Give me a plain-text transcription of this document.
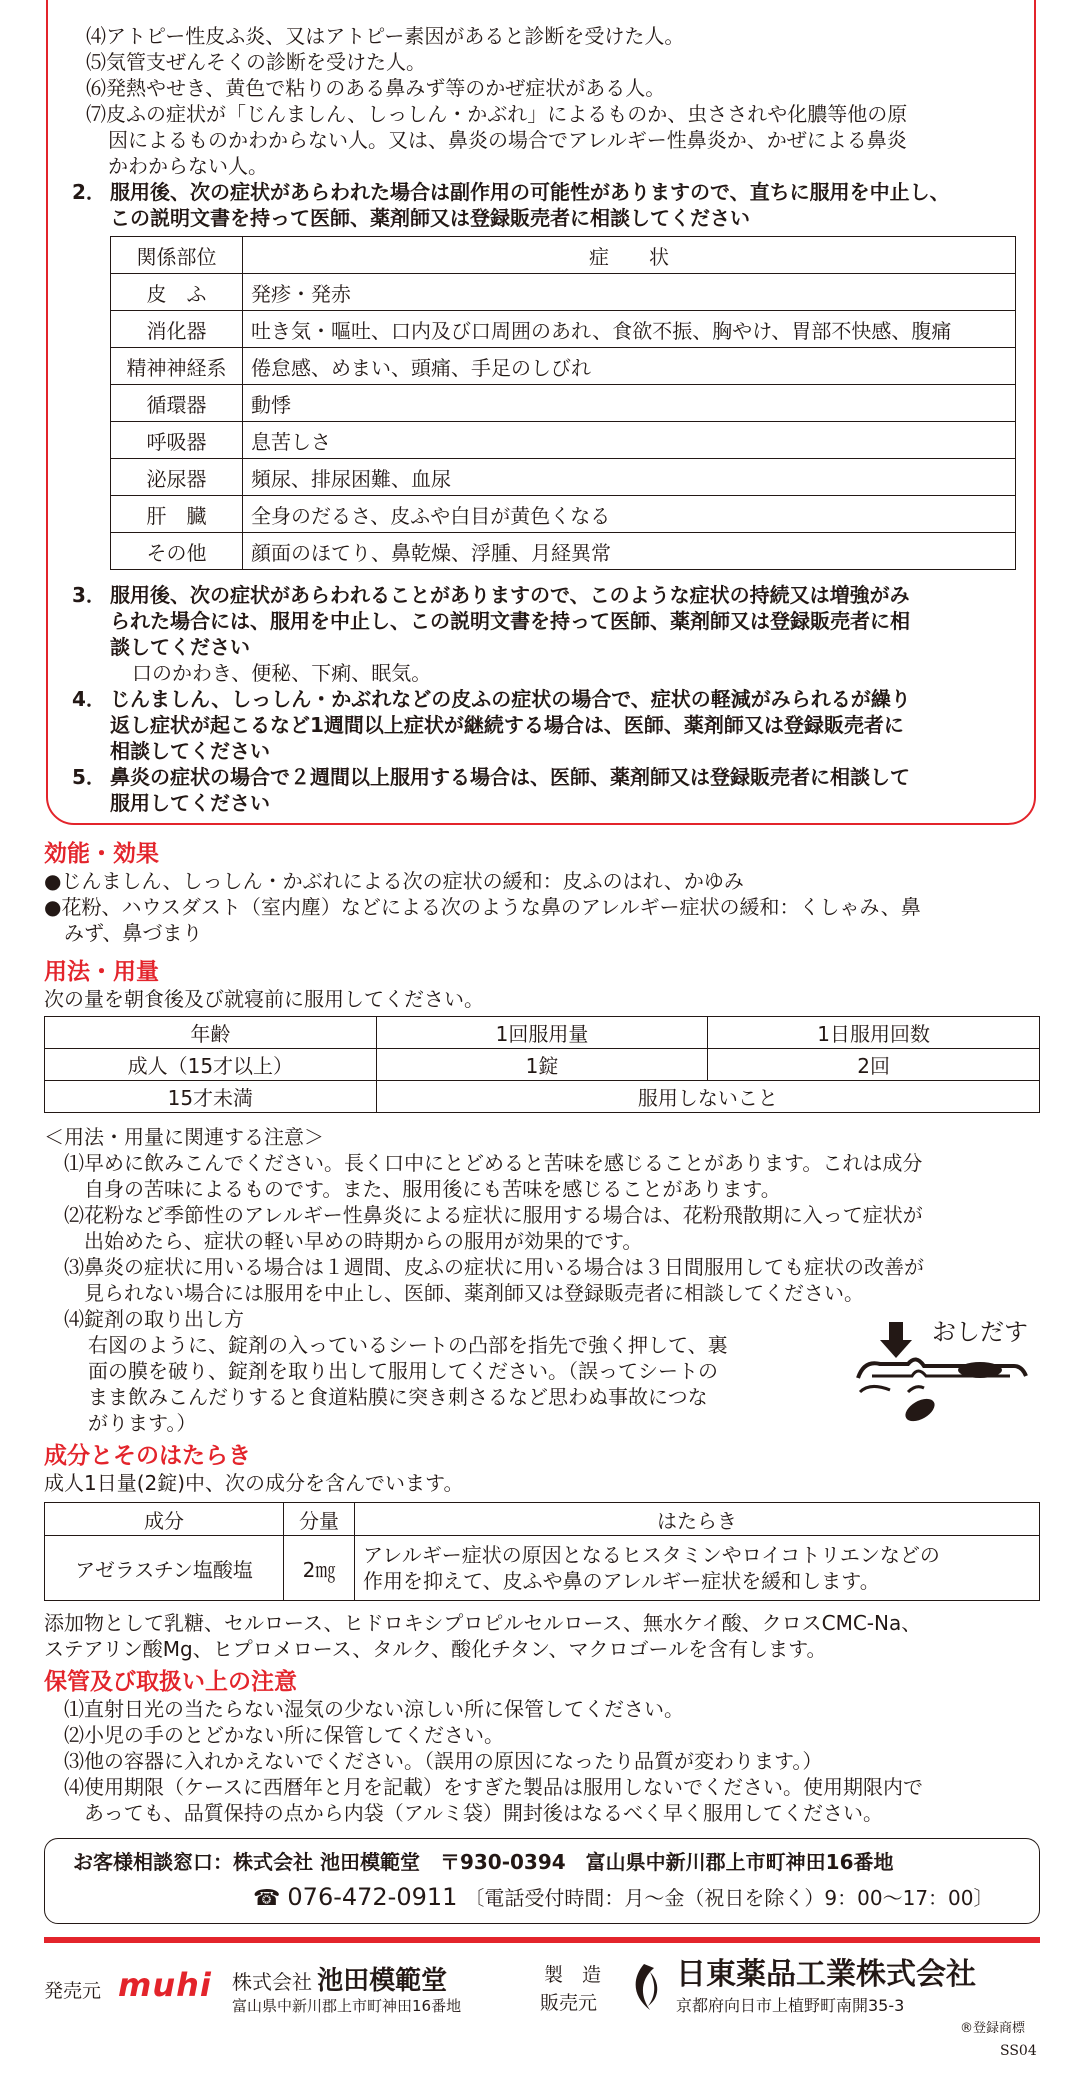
⑷アトピー性皮ふ炎、又はアトピー素因があると診断を受けた人。
⑸気管支ぜんそくの診断を受けた人。
⑹発熱やせき、黄色で粘りのある鼻みず等のかぜ症状がある人。
⑺皮ふの症状が「じんましん、しっしん・かぶれ」によるものか、虫さされや化膿等他の原
因によるものかわからない人。又は、鼻炎の場合でアレルギー性鼻炎か、かぜによる鼻炎
かわからない人。
2． 服用後、次の症状があらわれた場合は副作用の可能性がありますので、直ちに服用を中止し、
この説明文書を持って医師、薬剤師又は登録販売者に相談してください
関係部位	症　　状
皮　ふ	発疹・発赤
消化器	吐き気・嘔吐、口内及び口周囲のあれ、食欲不振、胸やけ、胃部不快感、腹痛
精神神経系	倦怠感、めまい、頭痛、手足のしびれ
循環器	動悸
呼吸器	息苦しさ
泌尿器	頻尿、排尿困難、血尿
肝　臓	全身のだるさ、皮ふや白目が黄色くなる
その他	顔面のほてり、鼻乾燥、浮腫、月経異常
3． 服用後、次の症状があらわれることがありますので、このような症状の持続又は増強がみ
られた場合には、服用を中止し、この説明文書を持って医師、薬剤師又は登録販売者に相
談してください
口のかわき、便秘、下痢、眠気。
4． じんましん、しっしん・かぶれなどの皮ふの症状の場合で、症状の軽減がみられるが繰り
返し症状が起こるなど1週間以上症状が継続する場合は、医師、薬剤師又は登録販売者に
相談してください
5． 鼻炎の症状の場合で２週間以上服用する場合は、医師、薬剤師又は登録販売者に相談して
服用してください
効能・効果
●じんましん、しっしん・かぶれによる次の症状の緩和：皮ふのはれ、かゆみ
●花粉、ハウスダスト（室内塵）などによる次のような鼻のアレルギー症状の緩和：くしゃみ、鼻
　みず、鼻づまり
用法・用量
次の量を朝食後及び就寝前に服用してください。
年齢	1回服用量	1日服用回数
成人（15才以上）	1錠	2回
15才未満	服用しないこと	
＜用法・用量に関連する注意＞
⑴早めに飲みこんでください。長く口中にとどめると苦味を感じることがあります。これは成分
　自身の苦味によるものです。また、服用後にも苦味を感じることがあります。
⑵花粉など季節性のアレルギー性鼻炎による症状に服用する場合は、花粉飛散期に入って症状が
　出始めたら、症状の軽い早めの時期からの服用が効果的です。
⑶鼻炎の症状に用いる場合は１週間、皮ふの症状に用いる場合は３日間服用しても症状の改善が
　見られない場合には服用を中止し、医師、薬剤師又は登録販売者に相談してください。
⑷錠剤の取り出し方
右図のように、錠剤の入っているシートの凸部を指先で強く押して、裏
面の膜を破り、錠剤を取り出して服用してください。（誤ってシートの
まま飲みこんだりすると食道粘膜に突き刺さるなど思わぬ事故につな
がります。）
おしだす
成分とそのはたらき
成人1日量(2錠)中、次の成分を含んでいます。
成分	分量	はたらき
アゼラスチン塩酸塩	2㎎	アレルギー症状の原因となるヒスタミンやロイコトリエンなどの
作用を抑えて、皮ふや鼻のアレルギー症状を緩和します。
添加物として乳糖、セルロース、ヒドロキシプロピルセルロース、無水ケイ酸、クロスCMC-Na、
ステアリン酸Mg、ヒプロメロース、タルク、酸化チタン、マクロゴールを含有します。
保管及び取扱い上の注意
⑴直射日光の当たらない湿気の少ない涼しい所に保管してください。
⑵小児の手のとどかない所に保管してください。
⑶他の容器に入れかえないでください。（誤用の原因になったり品質が変わります。）
⑷使用期限（ケースに西暦年と月を記載）をすぎた製品は服用しないでください。使用期限内で
　あっても、品質保持の点から内袋（アルミ袋）開封後はなるべく早く服用してください。
お客様相談窓口：株式会社 池田模範堂　〒930-0394　富山県中新川郡上市町神田16番地
☎ 076-472-0911 〔電話受付時間：月～金（祝日を除く）9：00～17：00〕
発売元 muhi 株式会社 池田模範堂
富山県中新川郡上市町神田16番地
製　造
販売元
日東薬品工業株式会社
京都府向日市上植野町南開35-3
®登録商標
SS04
